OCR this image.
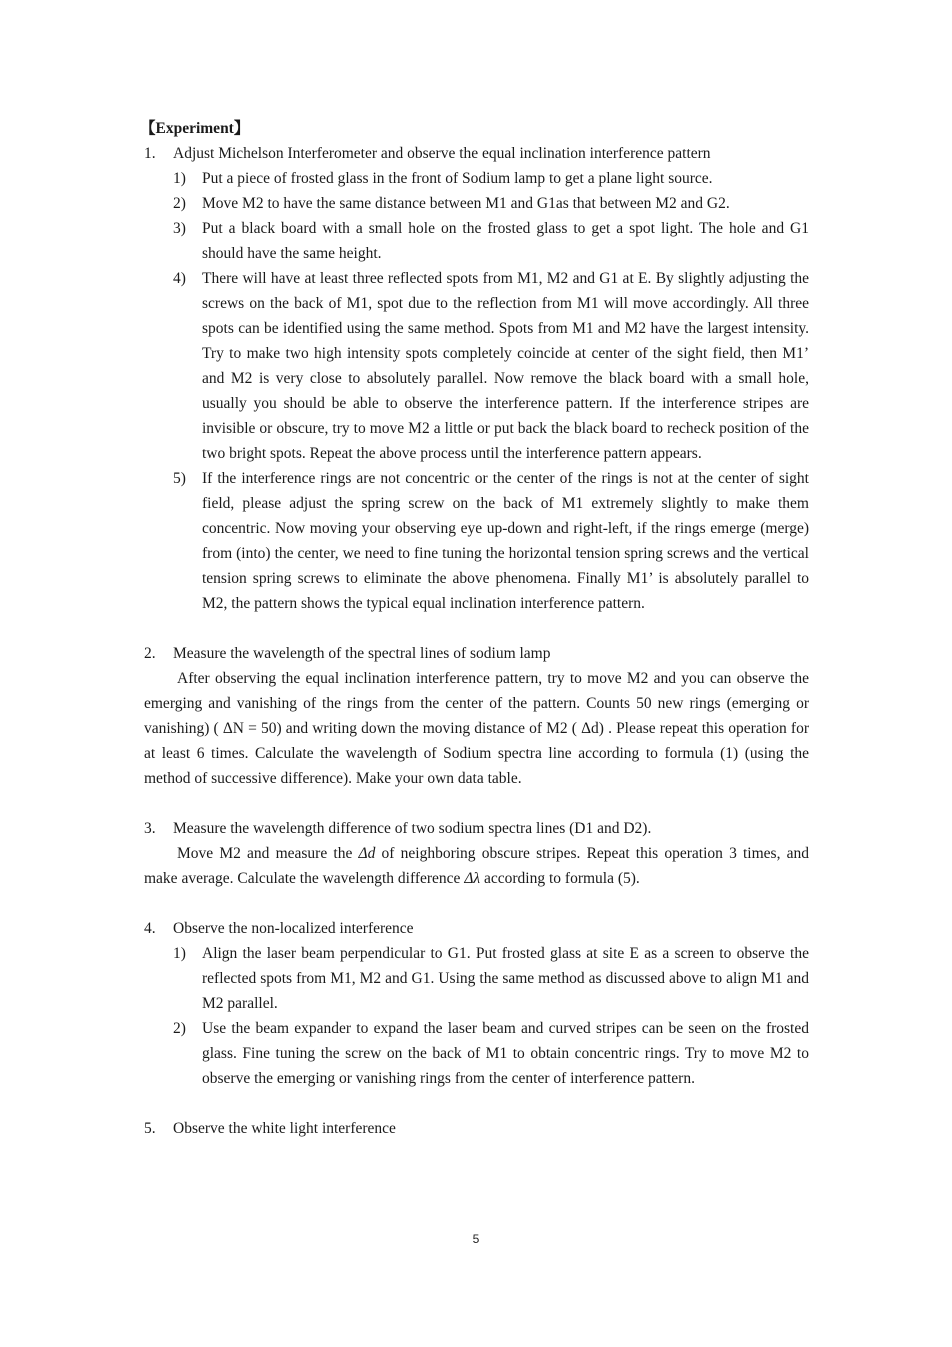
【Experiment】
1. Adjust Michelson Interferometer and observe the equal inclination interference pattern
1) Put a piece of frosted glass in the front of Sodium lamp to get a plane light source.
2) Move M2 to have the same distance between M1 and G1as that between M2 and G2.
3) Put a black board with a small hole on the frosted glass to get a spot light. The hole and G1 should have the same height.
4) There will have at least three reflected spots from M1, M2 and G1 at E. By slightly adjusting the screws on the back of M1, spot due to the reflection from M1 will move accordingly. All three spots can be identified using the same method. Spots from M1 and M2 have the largest intensity. Try to make two high intensity spots completely coincide at center of the sight field, then M1’ and M2 is very close to absolutely parallel. Now remove the black board with a small hole, usually you should be able to observe the interference pattern. If the interference stripes are invisible or obscure, try to move M2 a little or put back the black board to recheck position of the two bright spots. Repeat the above process until the interference pattern appears.
5) If the interference rings are not concentric or the center of the rings is not at the center of sight field, please adjust the spring screw on the back of M1 extremely slightly to make them concentric. Now moving your observing eye up-down and right-left, if the rings emerge (merge) from (into) the center, we need to fine tuning the horizontal tension spring screws and the vertical tension spring screws to eliminate the above phenomena. Finally M1’ is absolutely parallel to M2, the pattern shows the typical equal inclination interference pattern.
2. Measure the wavelength of the spectral lines of sodium lamp
After observing the equal inclination interference pattern, try to move M2 and you can observe the emerging and vanishing of the rings from the center of the pattern. Counts 50 new rings (emerging or vanishing) ( ΔN = 50) and writing down the moving distance of M2 ( Δd) . Please repeat this operation for at least 6 times. Calculate the wavelength of Sodium spectra line according to formula (1) (using the method of successive difference). Make your own data table.
3. Measure the wavelength difference of two sodium spectra lines (D1 and D2).
Move M2 and measure the Δd of neighboring obscure stripes. Repeat this operation 3 times, and make average. Calculate the wavelength difference Δλ according to formula (5).
4. Observe the non-localized interference
1) Align the laser beam perpendicular to G1. Put frosted glass at site E as a screen to observe the reflected spots from M1, M2 and G1. Using the same method as discussed above to align M1 and M2 parallel.
2) Use the beam expander to expand the laser beam and curved stripes can be seen on the frosted glass. Fine tuning the screw on the back of M1 to obtain concentric rings. Try to move M2 to observe the emerging or vanishing rings from the center of interference pattern.
5. Observe the white light interference
5
